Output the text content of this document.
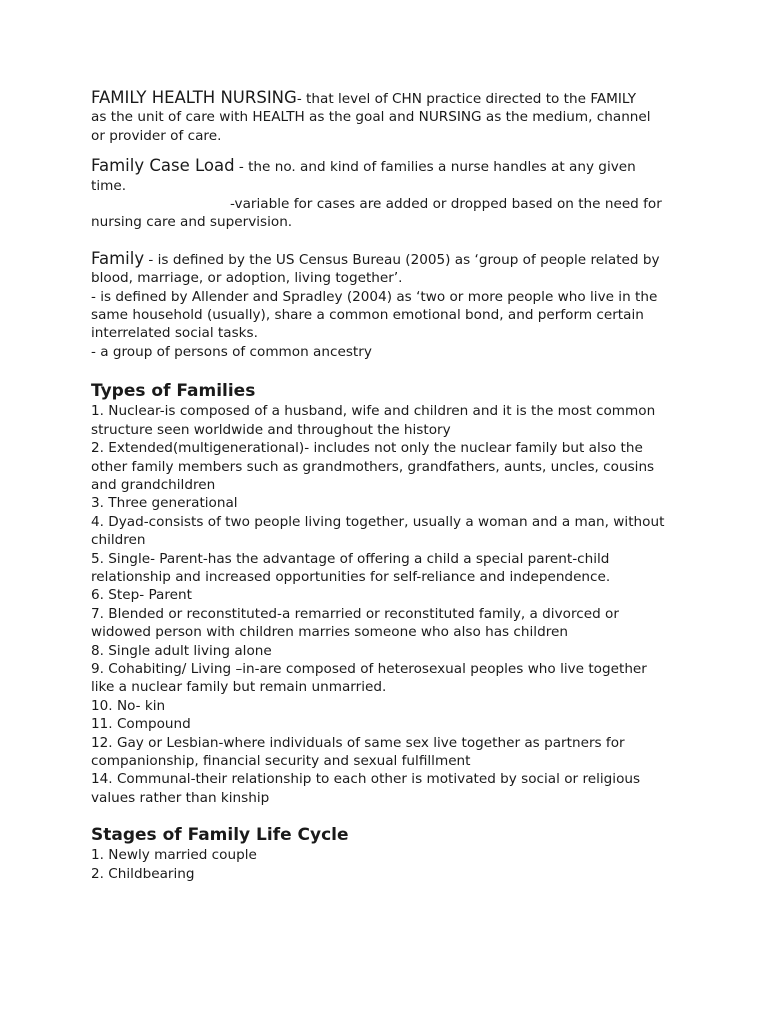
FAMILY HEALTH NURSING- that level of CHN practice directed to the FAMILY
as the unit of care with HEALTH as the goal and NURSING as the medium, channel
or provider of care.
Family Case Load - the no. and kind of families a nurse handles at any given
time.
-variable for cases are added or dropped based on the need for
nursing care and supervision.
Family - is defined by the US Census Bureau (2005) as ‘group of people related by
blood, marriage, or adoption, living together’.
- is defined by Allender and Spradley (2004) as ‘two or more people who live in the
same household (usually), share a common emotional bond, and perform certain
interrelated social tasks.
- a group of persons of common ancestry
Types of Families
1. Nuclear-is composed of a husband, wife and children and it is the most common
structure seen worldwide and throughout the history
2. Extended(multigenerational)- includes not only the nuclear family but also the
other family members such as grandmothers, grandfathers, aunts, uncles, cousins
and grandchildren
3. Three generational
4. Dyad-consists of two people living together, usually a woman and a man, without
children
5. Single- Parent-has the advantage of offering a child a special parent-child
relationship and increased opportunities for self-reliance and independence.
6. Step- Parent
7. Blended or reconstituted-a remarried or reconstituted family, a divorced or
widowed person with children marries someone who also has children
8. Single adult living alone
9. Cohabiting/ Living –in-are composed of heterosexual peoples who live together
like a nuclear family but remain unmarried.
10. No- kin
11. Compound
12. Gay or Lesbian-where individuals of same sex live together as partners for
companionship, financial security and sexual fulfillment
14. Communal-their relationship to each other is motivated by social or religious
values rather than kinship
Stages of Family Life Cycle
1. Newly married couple
2. Childbearing
